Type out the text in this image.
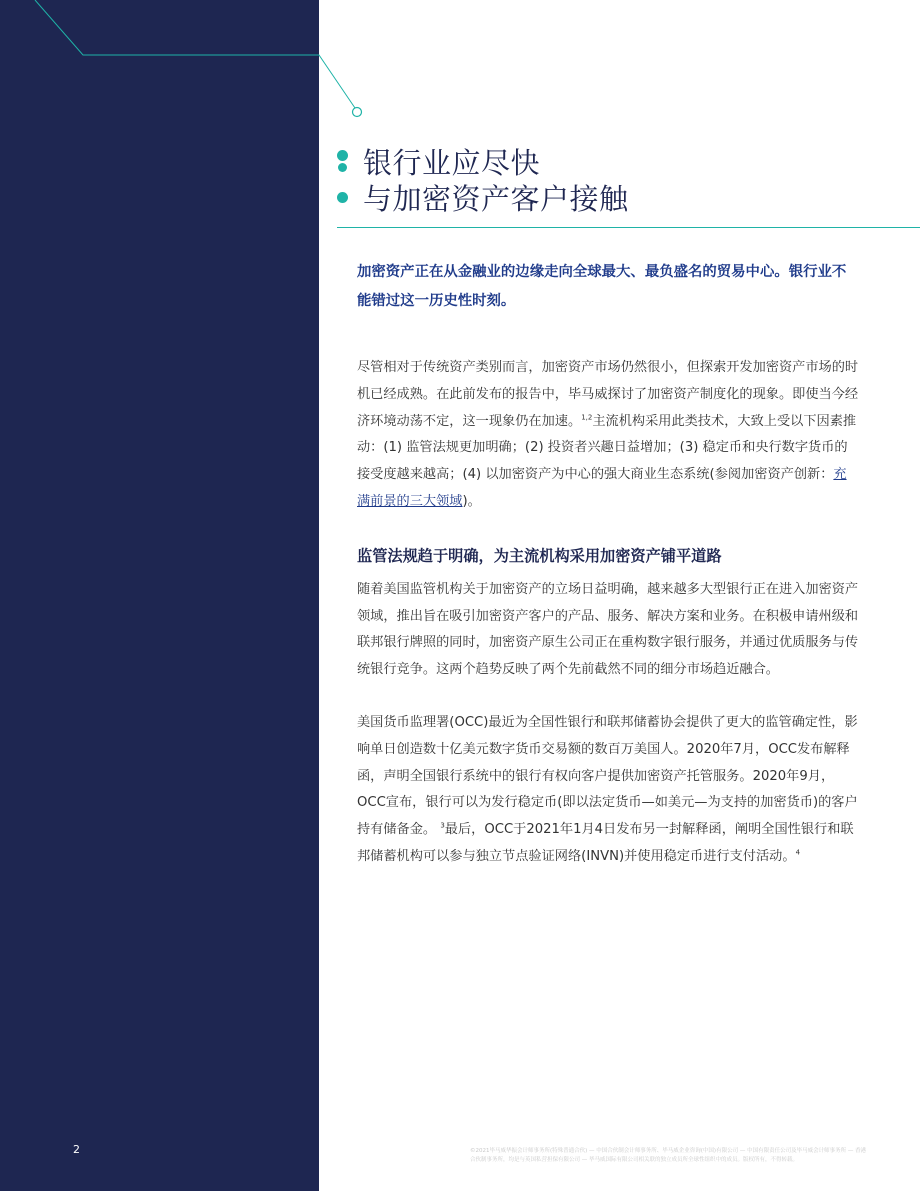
2
银行业应尽快
与加密资产客户接触

加密资产正在从金融业的边缘走向全球最大、最负盛名的贸易中心。银行业不能错过这一历史性时刻。

尽管相对于传统资产类别而言，加密资产市场仍然很小，但探索开发加密资产市场的时机已经成熟。在此前发布的报告中，毕马威探讨了加密资产制度化的现象。即使当今经济环境动荡不定，这一现象仍在加速。$^{1,2}$主流机构采用此类技术，大致上受以下因素推动：(1) 监管法规更加明确；(2) 投资者兴趣日益增加；(3) 稳定币和央行数字货币的接受度越来越高；(4) 以加密资产为中心的强大商业生态系统(参阅加密资产创新：充满前景的三大领域)。

监管法规趋于明确，为主流机构采用加密资产铺平道路

随着美国监管机构关于加密资产的立场日益明确，越来越多大型银行正在进入加密资产领域，推出旨在吸引加密资产客户的产品、服务、解决方案和业务。在积极申请州级和联邦银行牌照的同时，加密资产原生公司正在重构数字银行服务，并通过优质服务与传统银行竞争。这两个趋势反映了两个先前截然不同的细分市场趋近融合。

美国货币监理署(OCC)最近为全国性银行和联邦储蓄协会提供了更大的监管确定性，影响单日创造数十亿美元数字货币交易额的数百万美国人。2020年7月，OCC发布解释函，声明全国银行系统中的银行有权向客户提供加密资产托管服务。2020年9月，OCC宣布，银行可以为发行稳定币(即以法定货币—如美元—为支持的加密货币)的客户持有储备金。 $^3$最后，OCC于2021年1月4日发布另一封解释函，阐明全国性银行和联邦储蓄机构可以参与独立节点验证网络(INVN)并使用稳定币进行支付活动。$^4$

©2021毕马威华振会计师事务所(特殊普通合伙) — 中国合伙制会计师事务所、毕马威企业咨询(中国)有限公司 — 中国有限责任公司及毕马威会计师事务所 — 香港合伙制事务所，均是与英国私营担保有限公司 — 毕马威国际有限公司相关联的独立成员所全球性组织中的成员。版权所有，不得转载。
